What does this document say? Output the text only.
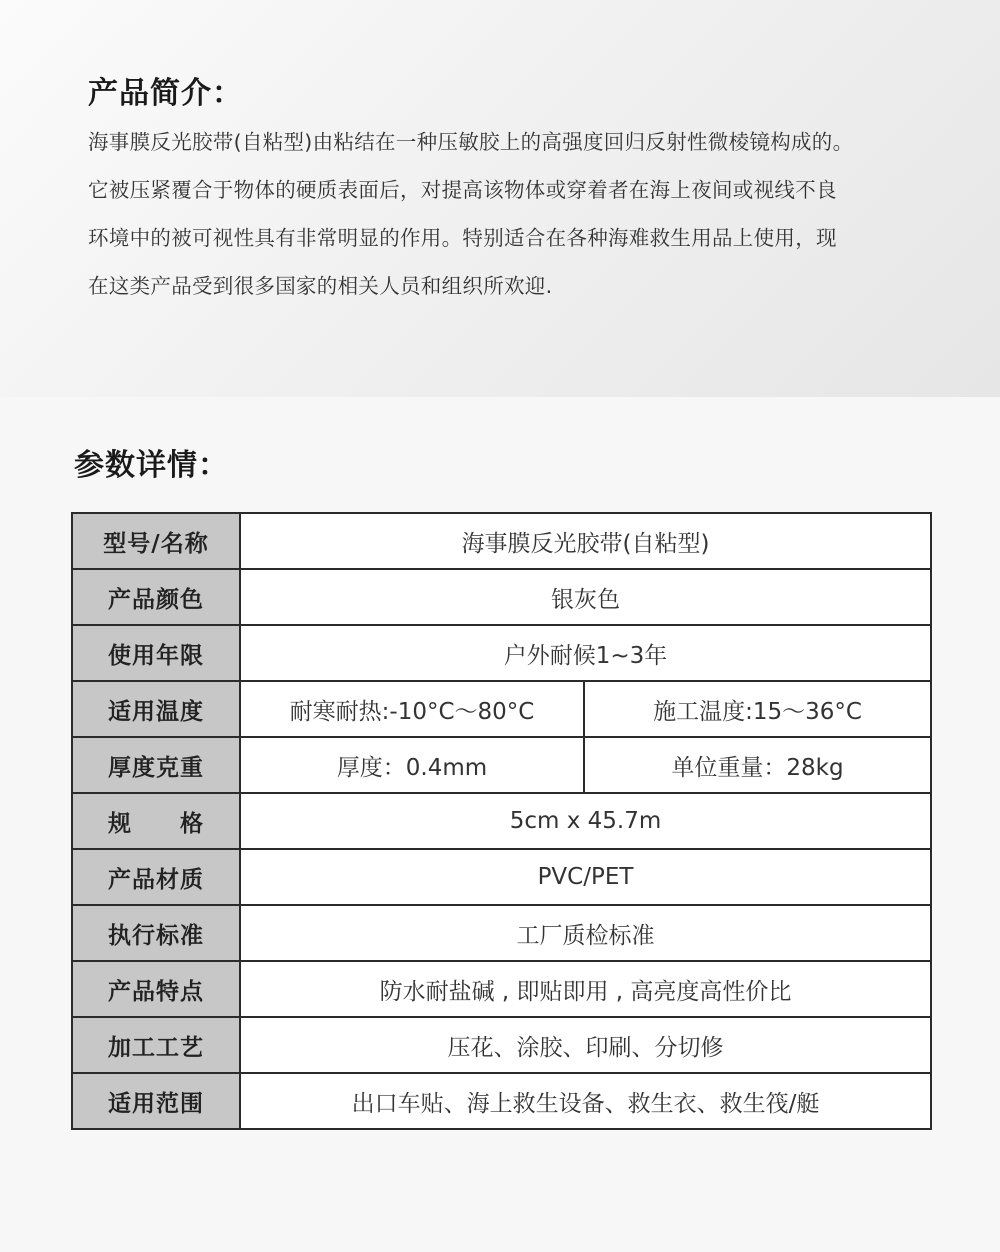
产品简介：

海事膜反光胶带(自粘型)由粘结在一种压敏胶上的高强度回归反射性微棱镜构成的。

它被压紧覆合于物体的硬质表面后，对提高该物体或穿着者在海上夜间或视线不良

环境中的被可视性具有非常明显的作用。特别适合在各种海难救生用品上使用，现

在这类产品受到很多国家的相关人员和组织所欢迎.

参数详情：
型号/名称	海事膜反光胶带(自粘型)	
产品颜色	银灰色	
使用年限	户外耐候1~3年	
适用温度	耐寒耐热:-10°C～80°C	施工温度:15～36°C
厚度克重	厚度：0.4mm	单位重量：28kg
规　　格	5cm x 45.7m	
产品材质	PVC/PET	
执行标准	工厂质检标准	
产品特点	防水耐盐碱 , 即贴即用 , 高亮度高性价比	
加工工艺	压花、涂胶、印刷、分切修	
适用范围	出口车贴、海上救生设备、救生衣、救生筏/艇	
